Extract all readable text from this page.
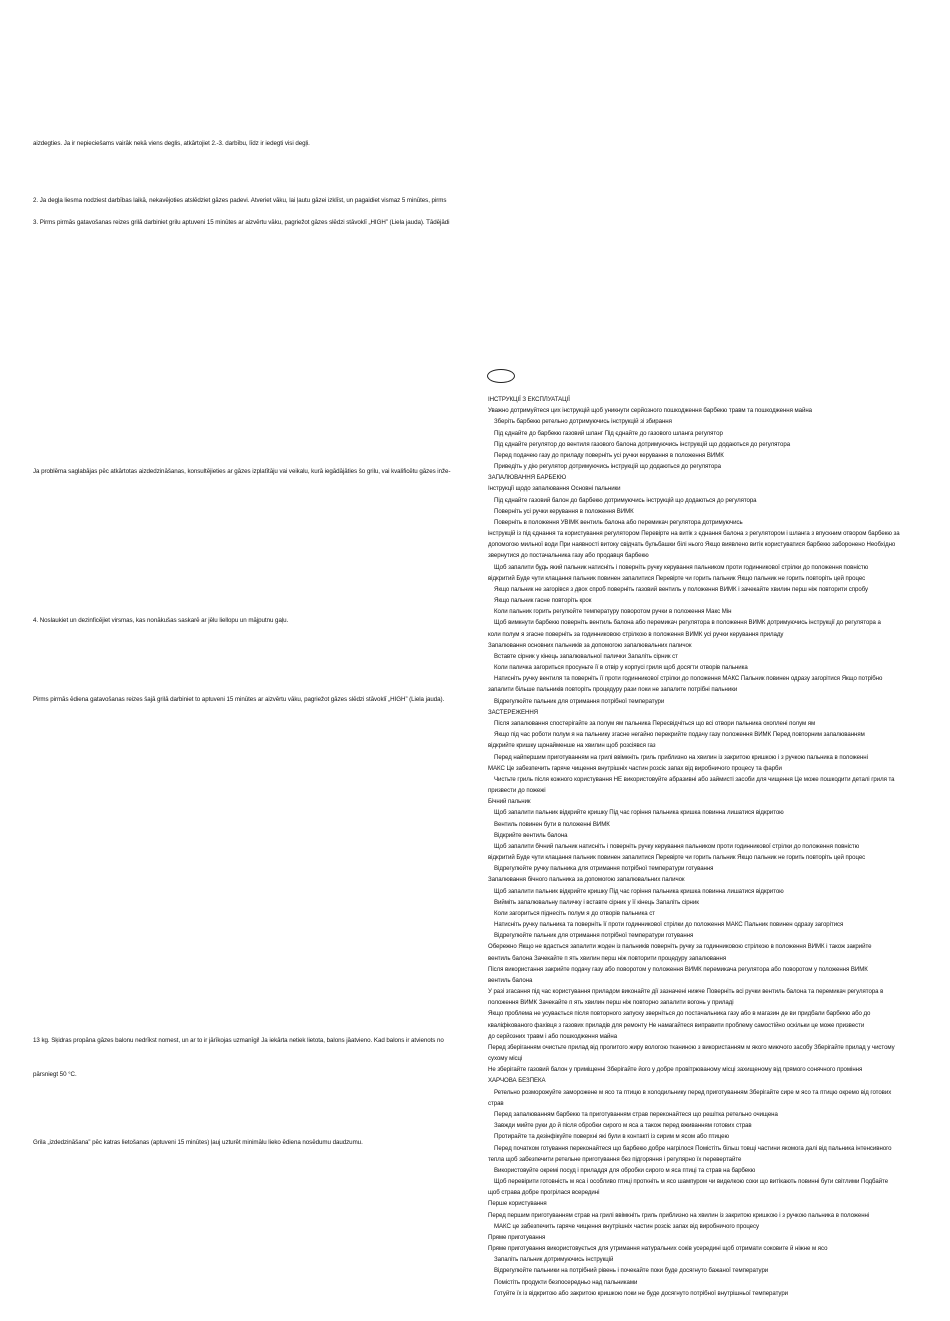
aizdegties. Ja ir nepieciešams vairāk nekā viens deglis, atkārtojiet 2.-3. darbību, līdz ir iedegti visi degļi.
2. Ja degļa liesma nodziest darbības laikā, nekavējoties atslēdziet gāzes padevi. Atveriet vāku, lai ļautu gāzei izklīst, un pagaidiet vismaz 5 minūtes, pirms
3. Pirms pirmās gatavošanas reizes grilā darbiniet grilu aptuveni 15 minūtes ar aizvērtu vāku, pagriežot gāzes slēdzi stāvoklī „HIGH” (Liela jauda). Tādējādi
Ja problēma saglabājas pēc atkārtotas aizdedzināšanas, konsultējieties ar gāzes izplatītāju vai veikalu, kurā iegādājāties šo grilu, vai kvalificētu gāzes inže-
4. Noslaukiet un dezinficējiet virsmas, kas nonākušas saskarē ar jēlu liellopu un mājputnu gaļu.
Pirms pirmās ēdiena gatavošanas reizes šajā grilā darbiniet to aptuveni 15 minūtes ar aizvērtu vāku, pagriežot gāzes slēdzi stāvoklī „HIGH” (Liela jauda).
13 kg. Šķidras propāna gāzes balonu nedrīkst nomest, un ar to ir jārīkojas uzmanīgi! Ja iekārta netiek lietota, balons jāatvieno. Kad balons ir atvienots no
pārsniegt 50 °C.
Grila „izdedzināšana” pēc katras lietošanas (aptuveni 15 minūtes) ļauj uzturēt minimālu lieko ēdiena nosēdumu daudzumu.
ІНСТРУКЦІЇ З ЕКСПЛУАТАЦІЇ
Уважно дотримуйтеся цих інструкцій щоб уникнути серйозного пошкодження барбекю травм та пошкодження майна
Зберіть барбекю ретельно дотримуючись інструкцій зі збирання
Під єднайте до барбекю газовий шланг Під єднайте до газового шланга регулятор
Під єднайте регулятор до вентиля газового балона дотримуючись інструкцій що додаються до регулятора
Перед подачею газу до приладу поверніть усі ручки керування в положення ВИМК
Приведіть у дію регулятор дотримуючись інструкцій що додаються до регулятора
ЗАПАЛЮВАННЯ БАРБЕКЮ
Інструкції щодо запалювання Основні пальники
Під єднайте газовий балон до барбекю дотримуючись інструкцій що додаються до регулятора
Поверніть усі ручки керування в положення ВИМК
Поверніть в положення УВІМК вентиль балона або перемикач регулятора дотримуючись
інструкцій із під єднання та користування регулятором Перевірте на витік з єднання балона з регулятором і шланга з впускним отвором барбекю за
допомогою мильної води При наявності витоку свідчать бульбашки білі нього Якщо виявлено витік користуватися барбекю заборонено Необхідно
звернутися до постачальника газу або продавця барбекю
Щоб запалити будь який пальник натисніть і поверніть ручку керування пальником проти годинникової стрілки до положення повністю
відкритий Буде чути клацання пальник повинен запалитися Перевірте чи горить пальник Якщо пальник не горить повторіть цей процес
Якщо пальник не загорівся з двох спроб поверніть газовий вентиль у положення ВИМК і зачекайте хвилин перш ніж повторити спробу
Якщо пальник гасне повторіть крок
Коли пальник горить регулюйте температуру поворотом ручки в положення Макс Мін
Щоб вимкнути барбекю поверніть вентиль балона або перемикач регулятора в положення ВИМК дотримуючись інструкції до регулятора а
коли полум я згасне поверніть за годинниковою стрілкою в положення ВИМК усі ручки керування приладу
Запалювання основних пальників за допомогою запалювальних паличок
Вставте сірник у кінець запалювальної палички Запаліть сірник ст
Коли паличка загориться просуньте її в отвір у корпусі гриля щоб досягти отворів пальника
Натисніть ручку вентиля та поверніть її проти годинникової стрілки до положення МАКС Пальник повинен одразу загорітися Якщо потрібно
запалити більше пальників повторіть процедуру рази поки не запалите потрібні пальники
Відрегулюйте пальник для отримання потрібної температури
ЗАСТЕРЕЖЕННЯ
Після запалювання спостерігайте за полум ям пальника Пересвідчіться що всі отвори пальника охоплені полум ям
Якщо під час роботи полум я на пальнику згасне негайно перекрийте подачу газу положення ВИМК Перед повторним запалюванням
відкрийте кришку щонайменше на хвилин щоб розсіявся газ
Перед найпершим приготуванням на грилі ввімкніть гриль приблизно на хвилин із закритою кришкою і з ручкою пальника в положенні
МАКС Це забезпечить гаряче чищення внутрішніх частин розсіє запах від виробничого процесу та фарби
Чистьте гриль після кожного користування НЕ використовуйте абразивні або займисті засоби для чищення Це може пошкодити деталі гриля та
призвести до пожежі
Бічний пальник
Щоб запалити пальник відкрийте кришку Під час горіння пальника кришка повинна лишатися відкритою
Вентиль повинен бути в положенні ВИМК
Відкрийте вентиль балона
Щоб запалити бічний пальник натисніть і поверніть ручку керування пальником проти годинникової стрілки до положення повністю
відкритий Буде чути клацання пальник повинен запалитися Перевірте чи горить пальник Якщо пальник не горить повторіть цей процес
Відрегулюйте ручку пальника для отримання потрібної температури готування
Запалювання бічного пальника за допомогою запалювальних паличок
Щоб запалити пальник відкрийте кришку Під час горіння пальника кришка повинна лишатися відкритою
Вийміть запалювальну паличку і вставте сірник у її кінець Запаліть сірник
Коли загориться піднесіть полум я до отворів пальника ст
Натисніть ручку пальника та поверніть її проти годинникової стрілки до положення МАКС Пальник повинен одразу загорітися
Відрегулюйте пальник для отримання потрібної температури готування
Обережно Якщо не вдасться запалити жоден із пальників поверніть ручку за годинниковою стрілкою в положення ВИМК і також закрийте
вентиль балона Зачекайте п ять хвилин перш ніж повторити процедуру запалювання
Після використання закрийте подачу газу або поворотом у положення ВИМК перемикача регулятора або поворотом у положення ВИМК
вентиль балона
У разі згасання під час користування приладом виконайте дії зазначені нижче Поверніть всі ручки вентиль балона та перемикач регулятора в
положення ВИМК Зачекайте п ять хвилин перш ніж повторно запалити вогонь у приладі
Якщо проблема не усувається після повторного запуску зверніться до постачальника газу або в магазин де ви придбали барбекю або до
кваліфікованого фахівця з газових приладів для ремонту Не намагайтеся виправити проблему самостійно оскільки це може призвести
до серйозних травм і або пошкодження майна
Перед зберіганням очистьте прилад від пролитого жиру вологою тканиною з використанням м якого миючого засобу Зберігайте прилад у чистому
сухому місці
Не зберігайте газовий балон у приміщенні Зберігайте його у добре провітрюваному місці захищеному від прямого сонячного проміння
ХАРЧОВА БЕЗПЕКА
Ретельно розморожуйте заморожене м ясо та птицю в холодильнику перед приготуванням Зберігайте сире м ясо та птицю окремо від готових
страв
Перед запалюванням барбекю та приготуванням страв переконайтеся що решітка ретельно очищена
Завжди мийте руки до й після обробки сирого м яса а також перед вживанням готових страв
Протирайте та дезінфікуйте поверхні які були в контакті із сирим м ясом або птицею
Перед початком готування переконайтеся що барбекю добре нагрілося Помістіть більш товщі частини якомога далі від пальника інтенсивного
тепла щоб забезпечити ретельне приготування без підгоряння і регулярно їх перевертайте
Використовуйте окремі посуд і приладдя для обробки сирого м яса птиці та страв на барбекю
Щоб перевірити готовність м яса і особливо птиці проткніть м ясо шампуром чи виделкою соки що витікають повинні бути світлими Подбайте
щоб страва добре прогрілася всередині
Перше користування
Перед першим приготуванням страв на грилі ввімкніть гриль приблизно на хвилин із закритою кришкою і з ручкою пальника в положенні
МАКС це забезпечить гаряче чищення внутрішніх частин розсіє запах від виробничого процесу
Пряме приготування
Пряме приготування використовується для утримання натуральних соків усередині щоб отримати соковите й ніжне м ясо
Запаліть пальник дотримуючись інструкцій
Відрегулюйте пальники на потрібний рівень і почекайте поки буде досягнуто бажаної температури
Помістіть продукти безпосередньо над пальниками
Готуйте їх із відкритою або закритою кришкою поки не буде досягнуто потрібної внутрішньої температури
